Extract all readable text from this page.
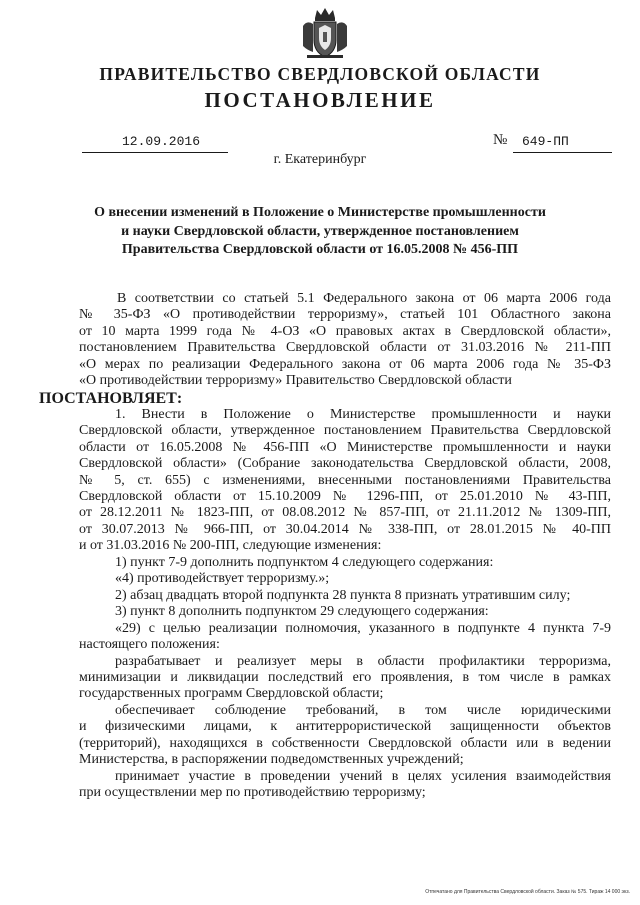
ПРАВИТЕЛЬСТВО СВЕРДЛОВСКОЙ ОБЛАСТИ
ПОСТАНОВЛЕНИЕ
12.09.2016	№ 649-ПП
г. Екатеринбург
О внесении изменений в Положение о Министерстве промышленности
и науки Свердловской области, утвержденное постановлением
Правительства Свердловской области от 16.05.2008 № 456-ПП
В соответствии со статьей 5.1 Федерального закона от 06 марта 2006 года
№ 35-ФЗ «О противодействии терроризму», статьей 101 Областного закона
от 10 марта 1999 года № 4-ОЗ «О правовых актах в Свердловской области»,
постановлением Правительства Свердловской области от 31.03.2016 № 211-ПП
«О мерах по реализации Федерального закона от 06 марта 2006 года № 35-ФЗ
«О противодействии терроризму» Правительство Свердловской области
ПОСТАНОВЛЯЕТ:
1. Внести в Положение о Министерстве промышленности и науки
Свердловской области, утвержденное постановлением Правительства Свердловской
области от 16.05.2008 № 456-ПП «О Министерстве промышленности и науки
Свердловской области» (Собрание законодательства Свердловской области, 2008,
№ 5, ст. 655) с изменениями, внесенными постановлениями Правительства
Свердловской области от 15.10.2009 № 1296-ПП, от 25.01.2010 № 43-ПП,
от 28.12.2011 № 1823-ПП, от 08.08.2012 № 857-ПП, от 21.11.2012 № 1309-ПП,
от 30.07.2013 № 966-ПП, от 30.04.2014 № 338-ПП, от 28.01.2015 № 40-ПП
и от 31.03.2016 № 200-ПП, следующие изменения:
1) пункт 7-9 дополнить подпунктом 4 следующего содержания:
«4) противодействует терроризму.»;
2) абзац двадцать второй подпункта 28 пункта 8 признать утратившим силу;
3) пункт 8 дополнить подпунктом 29 следующего содержания:
«29) с целью реализации полномочия, указанного в подпункте 4 пункта 7-9
настоящего положения:
разрабатывает и реализует меры в области профилактики терроризма,
минимизации и ликвидации последствий его проявления, в том числе в рамках
государственных программ Свердловской области;
обеспечивает соблюдение требований, в том числе юридическими
и физическими лицами, к антитеррористической защищенности объектов
(территорий), находящихся в собственности Свердловской области или в ведении
Министерства, в распоряжении подведомственных учреждений;
принимает участие в проведении учений в целях усиления взаимодействия
при осуществлении мер по противодействию терроризму;
Отпечатано для Правительства Свердловской области. Заказ № 575. Тираж 14 000 экз.
